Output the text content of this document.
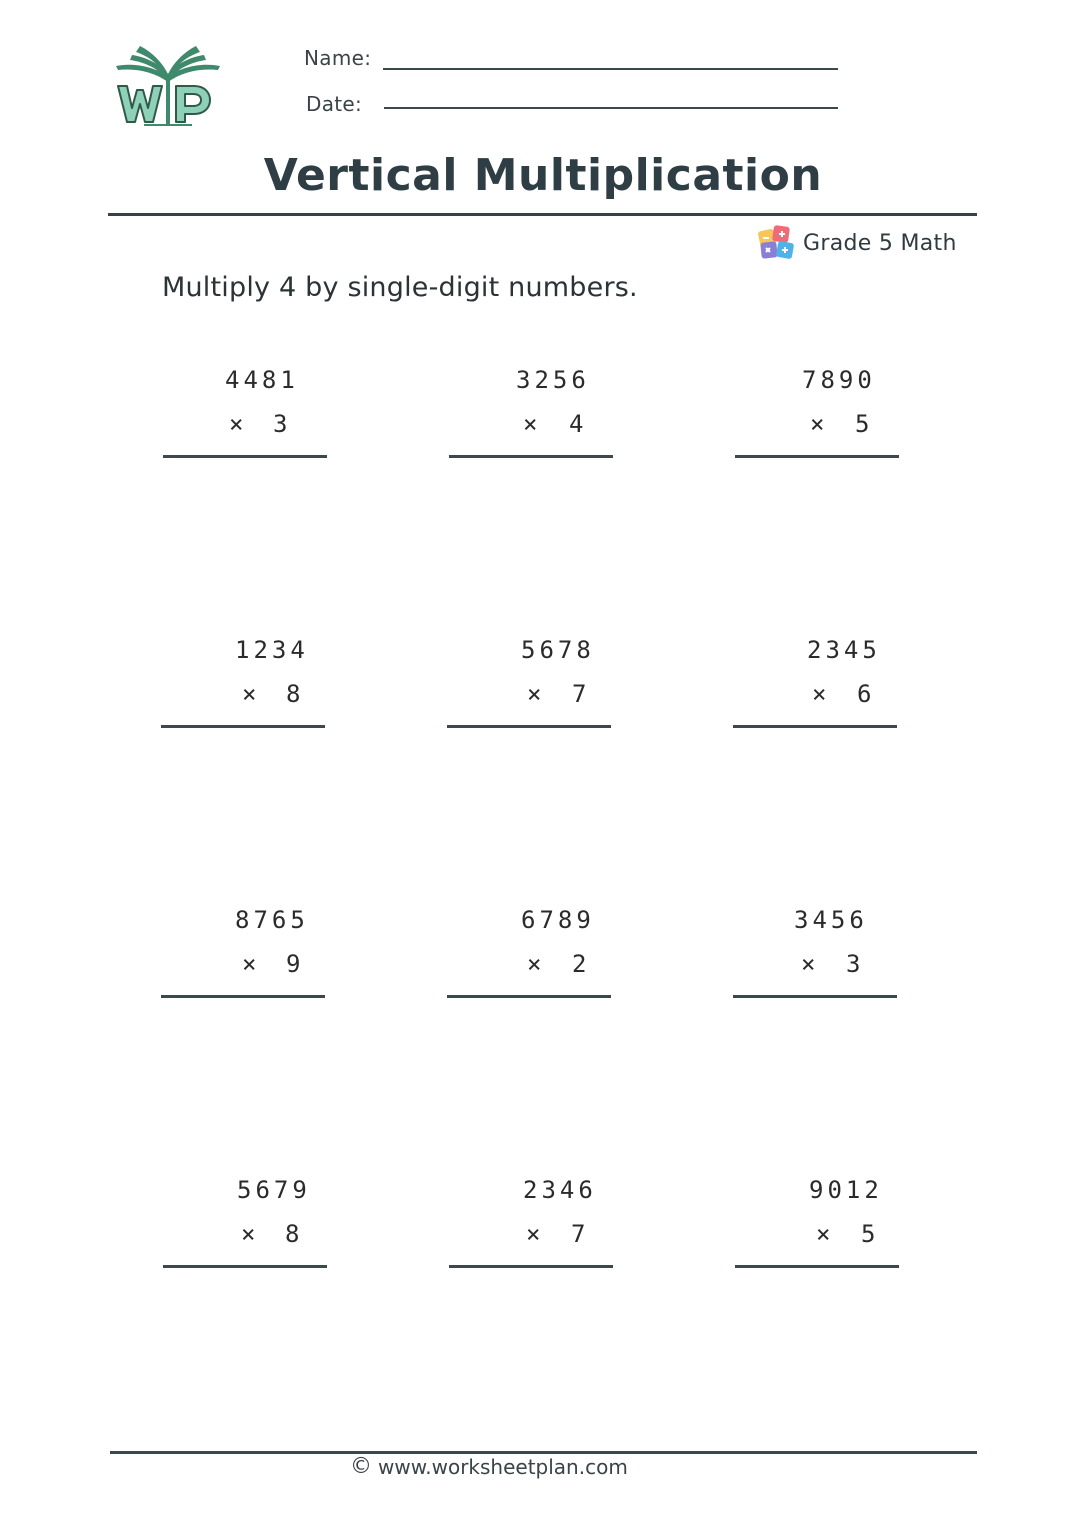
Name:
Date:
Vertical Multiplication
Grade 5 Math
Multiply 4 by single-digit numbers.
4481
× 3
3256
× 4
7890
× 5
1234
× 8
5678
× 7
2345
× 6
8765
× 9
6789
× 2
3456
× 3
5679
× 8
2346
× 7
9012
× 5
© www.worksheetplan.com
